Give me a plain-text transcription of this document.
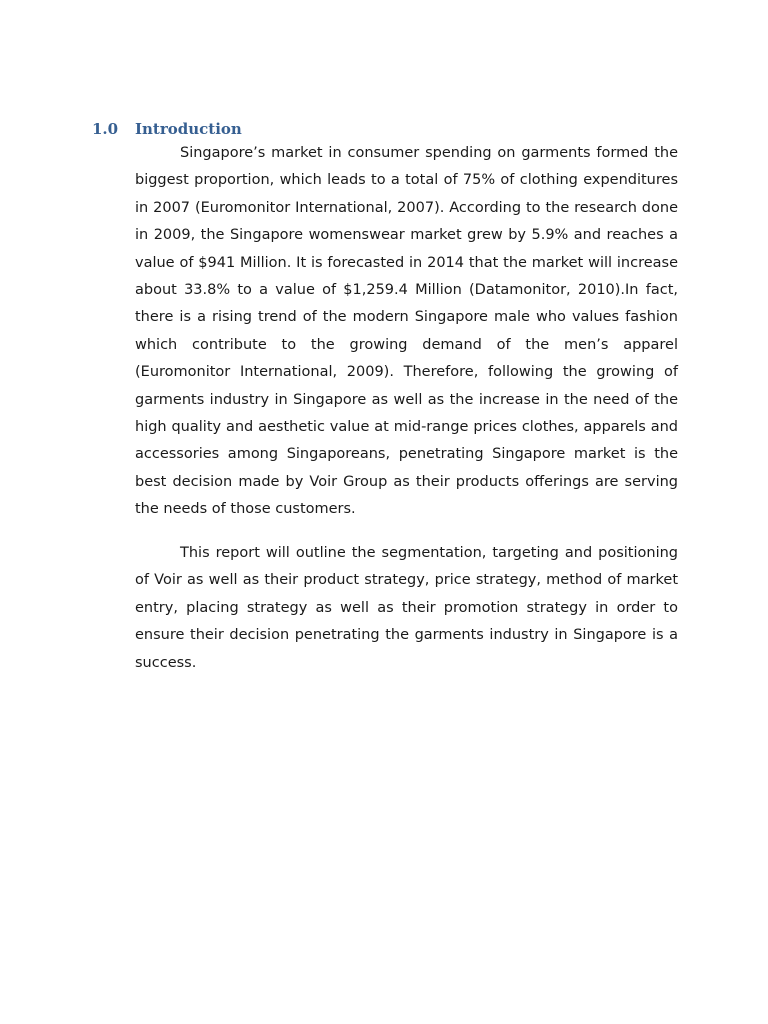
1.0 Introduction

Singapore’s market in consumer spending on garments formed the biggest proportion, which leads to a total of 75% of clothing expenditures in 2007 (Euromonitor International, 2007). According to the research done in 2009, the Singapore womenswear market grew by 5.9% and reaches a value of $941 Million. It is forecasted in 2014 that the market will increase about 33.8% to a value of $1,259.4 Million (Datamonitor, 2010).In fact, there is a rising trend of the modern Singapore male who values fashion which contribute to the growing demand of the men’s apparel (Euromonitor International, 2009). Therefore, following the growing of garments industry in Singapore as well as the increase in the need of the high quality and aesthetic value at mid-range prices clothes, apparels and accessories among Singaporeans, penetrating Singapore market is the best decision made by Voir Group as their products offerings are serving the needs of those customers.

This report will outline the segmentation, targeting and positioning of Voir as well as their product strategy, price strategy, method of market entry, placing strategy as well as their promotion strategy in order to ensure their decision penetrating the garments industry in Singapore is a success.
